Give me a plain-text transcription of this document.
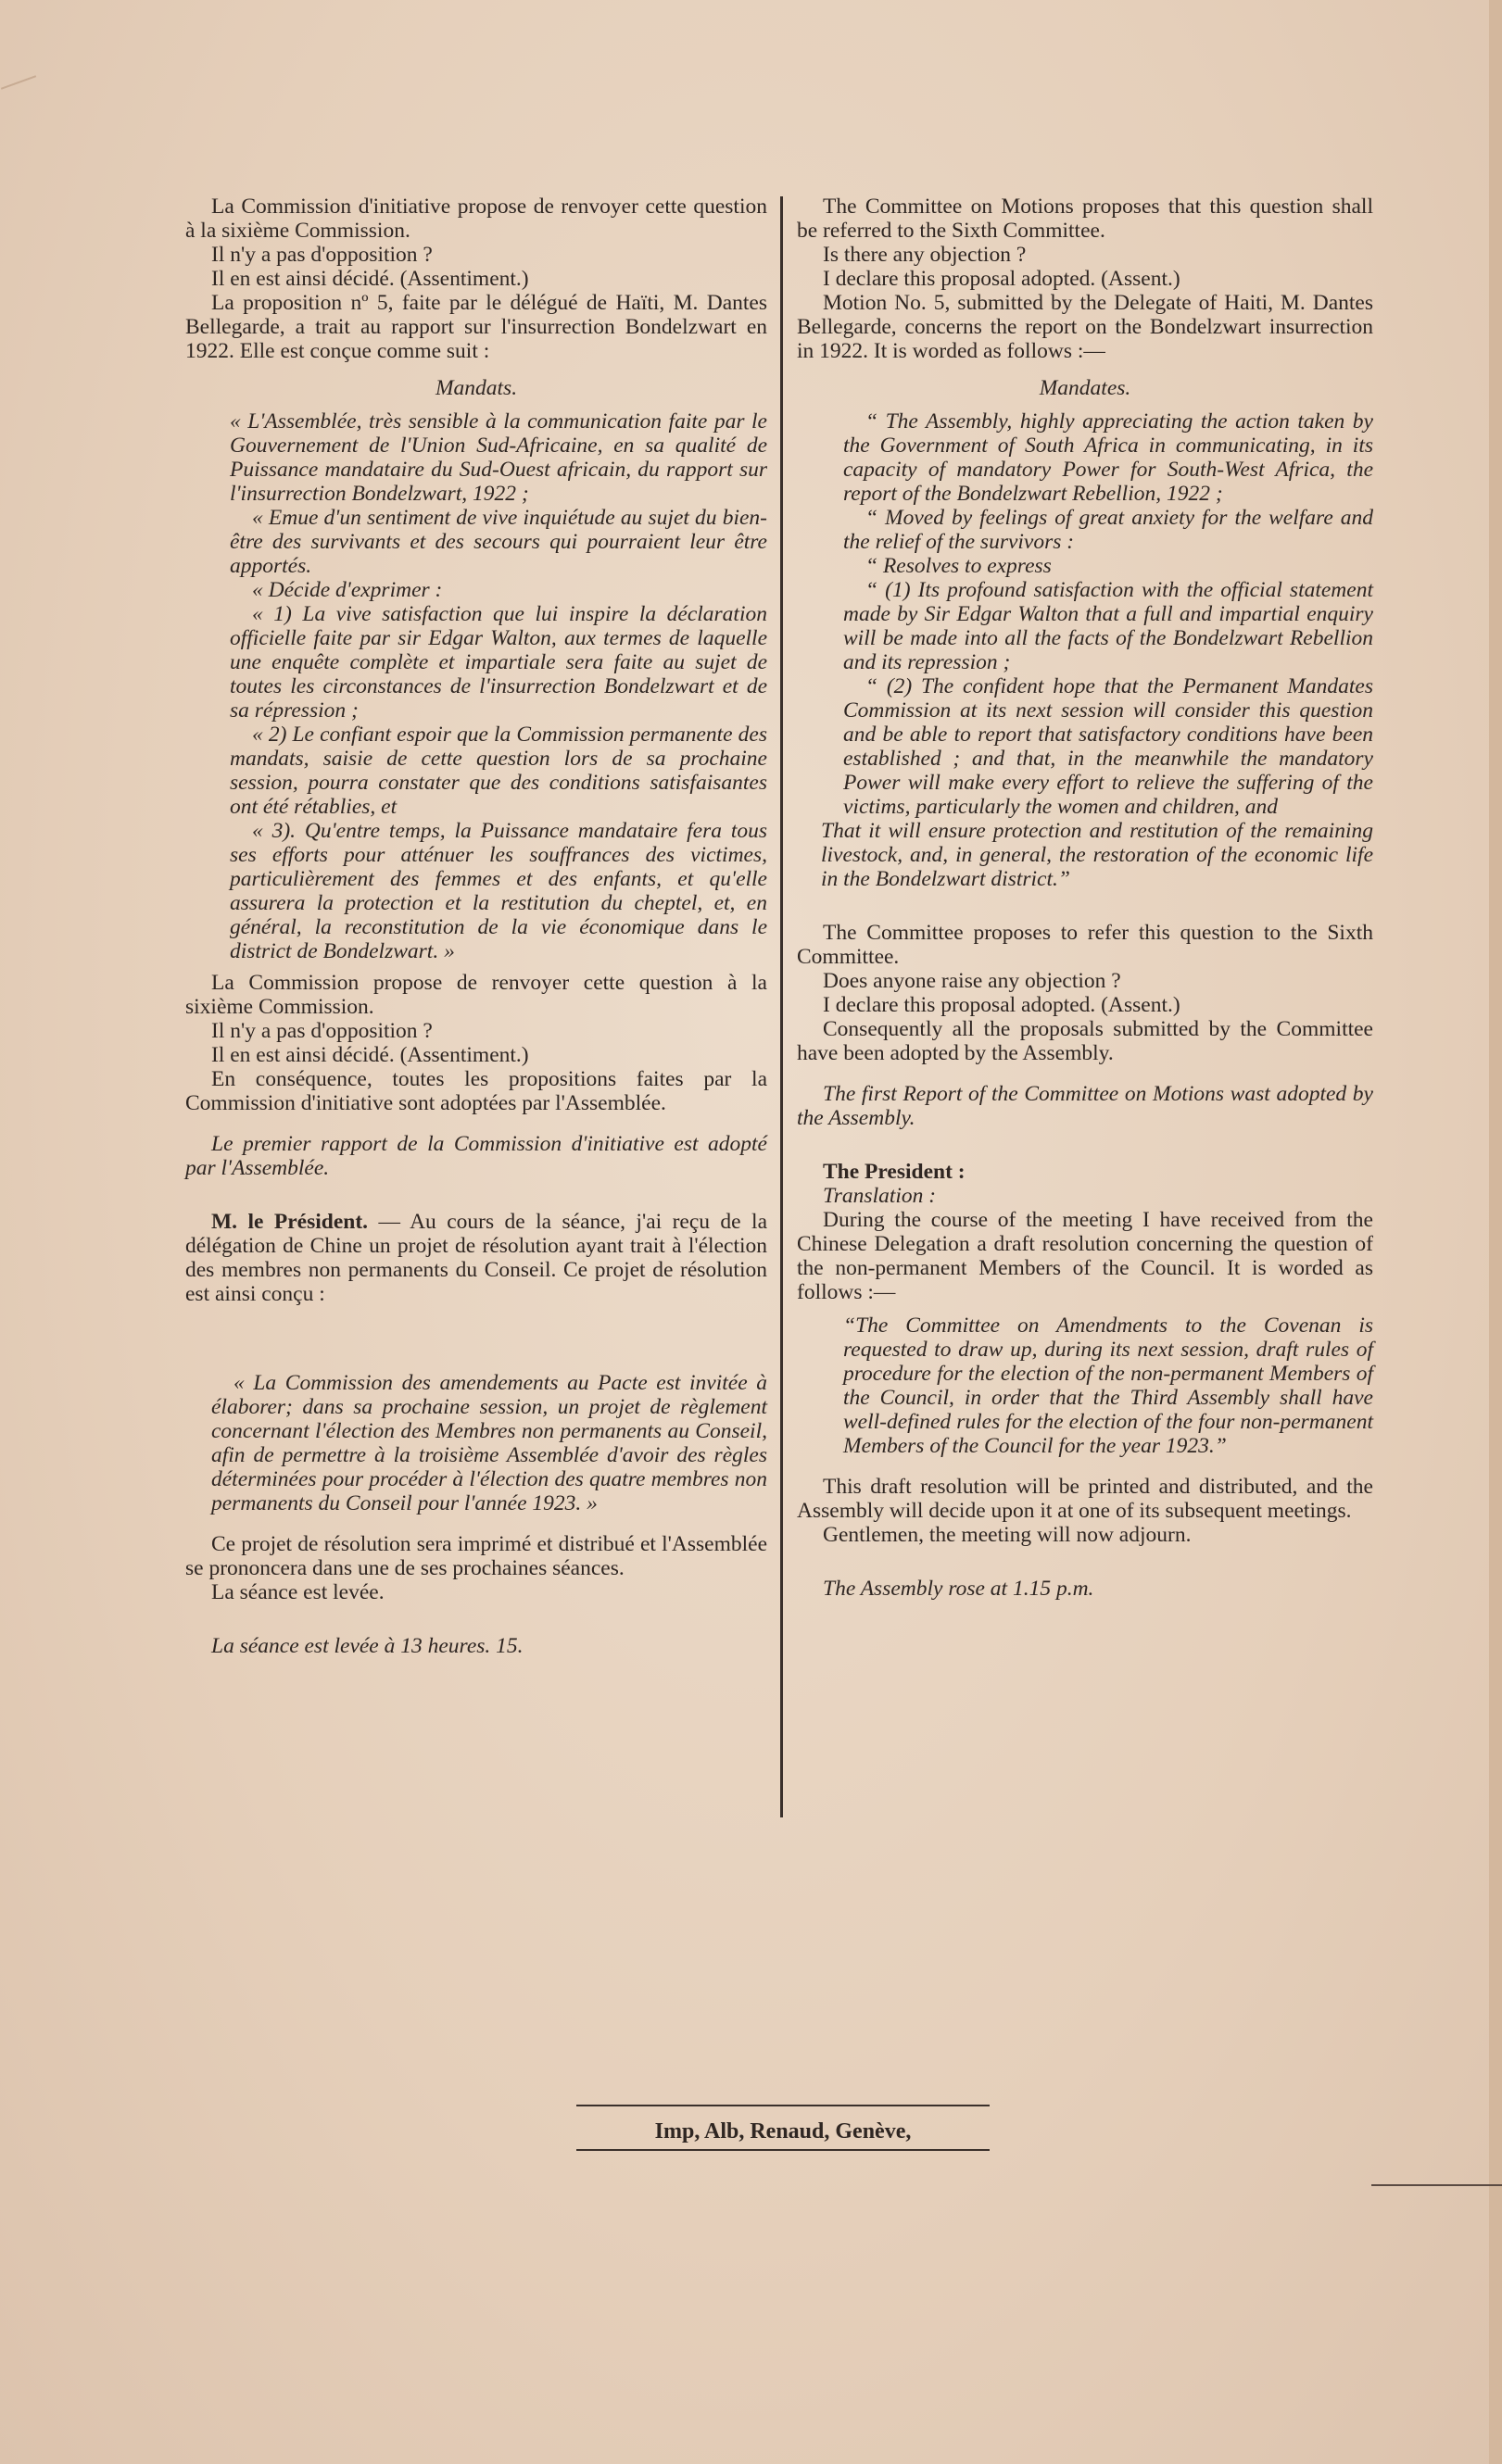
La Commission d'initiative propose de renvoyer cette question à la sixième Commission.

Il n'y a pas d'opposition ?

Il en est ainsi décidé. (Assentiment.)

La proposition nº 5, faite par le délégué de Haïti, M. Dantes Bellegarde, a trait au rapport sur l'insurrection Bondelzwart en 1922. Elle est conçue comme suit :

Mandats.

« L'Assemblée, très sensible à la communication faite par le Gouvernement de l'Union Sud-Africaine, en sa qualité de Puissance mandataire du Sud-Ouest africain, du rapport sur l'insurrection Bondelzwart, 1922 ;

« Emue d'un sentiment de vive inquiétude au sujet du bien-être des survivants et des secours qui pourraient leur être apportés.

« Décide d'exprimer :

« 1) La vive satisfaction que lui inspire la déclaration officielle faite par sir Edgar Walton, aux termes de laquelle une enquête complète et impartiale sera faite au sujet de toutes les circonstances de l'insurrection Bondelzwart et de sa répression ;

« 2) Le confiant espoir que la Commission permanente des mandats, saisie de cette question lors de sa prochaine session, pourra constater que des conditions satisfaisantes ont été rétablies, et

« 3). Qu'entre temps, la Puissance mandataire fera tous ses efforts pour atténuer les souffrances des victimes, particulièrement des femmes et des enfants, et qu'elle assurera la protection et la restitution du cheptel, et, en général, la reconstitution de la vie économique dans le district de Bondelzwart. »

La Commission propose de renvoyer cette question à la sixième Commission.

Il n'y a pas d'opposition ?

Il en est ainsi décidé. (Assentiment.)

En conséquence, toutes les propositions faites par la Commission d'initiative sont adoptées par l'Assemblée.

Le premier rapport de la Commission d'initiative est adopté par l'Assemblée.

M. le Président. — Au cours de la séance, j'ai reçu de la délégation de Chine un projet de résolution ayant trait à l'élection des membres non permanents du Conseil. Ce projet de résolution est ainsi conçu :

« La Commission des amendements au Pacte est invitée à élaborer; dans sa prochaine session, un projet de règlement concernant l'élection des Membres non permanents au Conseil, afin de permettre à la troisième Assemblée d'avoir des règles déterminées pour procéder à l'élection des quatre membres non permanents du Conseil pour l'année 1923. »

Ce projet de résolution sera imprimé et distribué et l'Assemblée se prononcera dans une de ses prochaines séances.

La séance est levée.

La séance est levée à 13 heures. 15.

The Committee on Motions proposes that this question shall be referred to the Sixth Committee.

Is there any objection ?

I declare this proposal adopted. (Assent.)

Motion No. 5, submitted by the Delegate of Haiti, M. Dantes Bellegarde, concerns the report on the Bondelzwart insurrection in 1922. It is worded as follows :—

Mandates.

“ The Assembly, highly appreciating the action taken by the Government of South Africa in communicating, in its capacity of mandatory Power for South-West Africa, the report of the Bondelzwart Rebellion, 1922 ;

“ Moved by feelings of great anxiety for the welfare and the relief of the survivors :

“ Resolves to express

“ (1) Its profound satisfaction with the official statement made by Sir Edgar Walton that a full and impartial enquiry will be made into all the facts of the Bondelzwart Rebellion and its repression ;

“ (2) The confident hope that the Permanent Mandates Commission at its next session will consider this question and be able to report that satisfactory conditions have been established ; and that, in the meanwhile the mandatory Power will make every effort to relieve the suffering of the victims, particularly the women and children, and

That it will ensure protection and restitution of the remaining livestock, and, in general, the restoration of the economic life in the Bondelzwart district.”

The Committee proposes to refer this question to the Sixth Committee.

Does anyone raise any objection ?

I declare this proposal adopted. (Assent.)

Consequently all the proposals submitted by the Committee have been adopted by the Assembly.

The first Report of the Committee on Motions wast adopted by the Assembly.

The President :

Translation :

During the course of the meeting I have received from the Chinese Delegation a draft resolution concerning the question of the non-permanent Members of the Council. It is worded as follows :—

“The Committee on Amendments to the Covenan is requested to draw up, during its next session, draft rules of procedure for the election of the non-permanent Members of the Council, in order that the Third Assembly shall have well-defined rules for the election of the four non-permanent Members of the Council for the year 1923.”

This draft resolution will be printed and distributed, and the Assembly will decide upon it at one of its subsequent meetings.

Gentlemen, the meeting will now adjourn.

The Assembly rose at 1.15 p.m.

Imp, Alb, Renaud, Genève,
